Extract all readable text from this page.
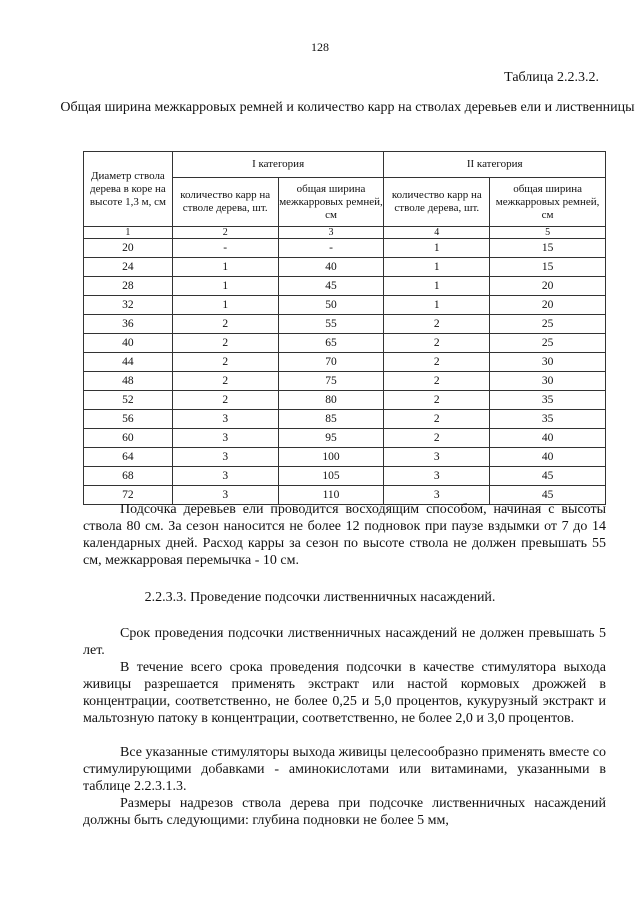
128
Таблица 2.2.3.2.
Общая ширина межкарровых ремней и количество карр на стволах деревьев ели и лиственницы
Диаметр ствола дерева в коре на высоте 1,3 м, см	I категория		II категория	
	количество карр на стволе дерева, шт.	общая ширина межкарровых ремней, см	количество карр на стволе дерева, шт.	общая ширина межкарровых ремней, см
1	2	3	4	5
20	-	-	1	15
24	1	40	1	15
28	1	45	1	20
32	1	50	1	20
36	2	55	2	25
40	2	65	2	25
44	2	70	2	30
48	2	75	2	30
52	2	80	2	35
56	3	85	2	35
60	3	95	2	40
64	3	100	3	40
68	3	105	3	45
72	3	110	3	45

Подсочка деревьев ели проводится восходящим способом, начиная с высоты ствола 80 см. За сезон наносится не более 12 подновок при паузе вздымки от 7 до 14 календарных дней. Расход карры за сезон по высоте ствола не должен превышать 55 см, межкарровая перемычка - 10 см.

2.2.3.3. Проведение подсочки лиственничных насаждений.

Срок проведения подсочки лиственничных насаждений не должен превышать 5 лет.

В течение всего срока проведения подсочки в качестве стимулятора выхода живицы разрешается применять экстракт или настой кормовых дрожжей в концентрации, соответственно, не более 0,25 и 5,0 процентов, кукурузный экстракт и мальтозную патоку в концентрации, соответственно, не более 2,0 и 3,0 процентов.

Все указанные стимуляторы выхода живицы целесообразно применять вместе со стимулирующими добавками - аминокислотами или витаминами, указанными в таблице 2.2.3.1.3.

Размеры надрезов ствола дерева при подсочке лиственничных насаждений должны быть следующими: глубина подновки не более 5 мм,
